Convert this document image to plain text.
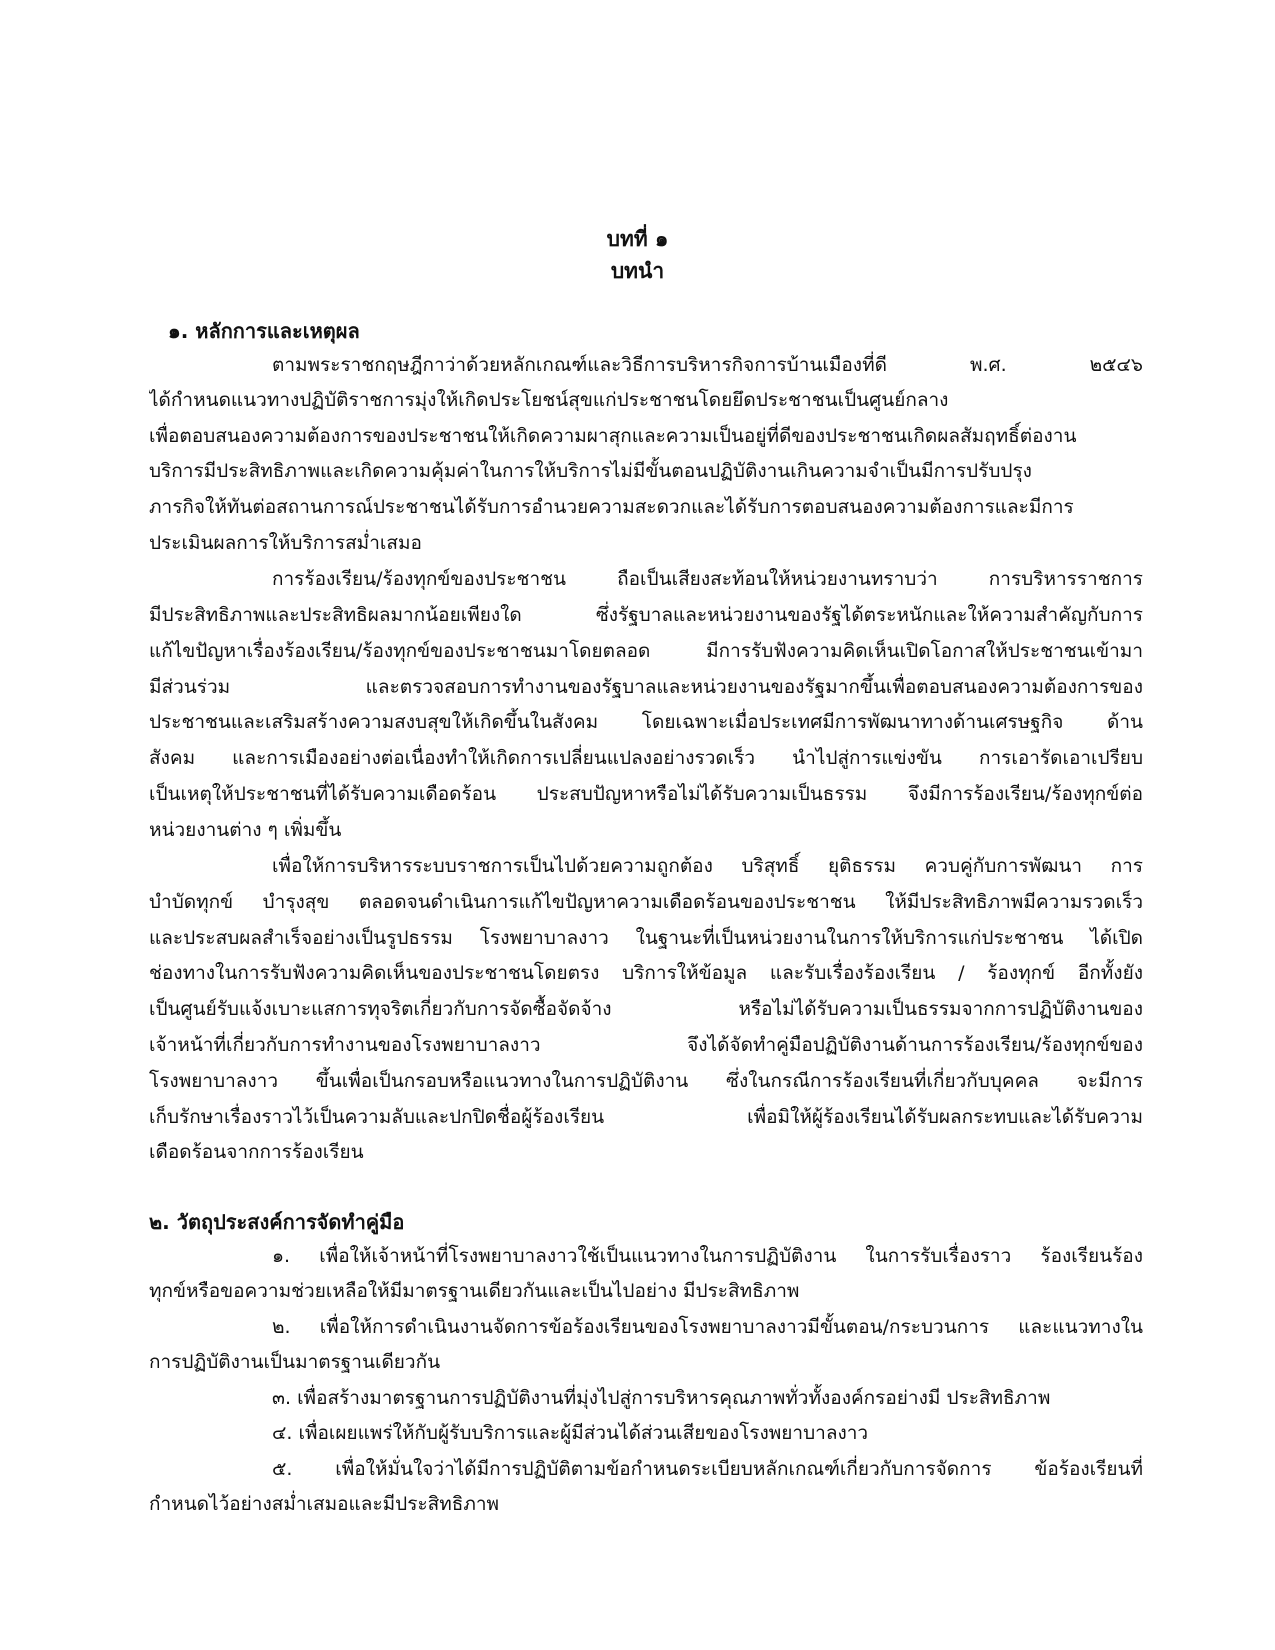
บทที่ ๑
บทนำ
๑. หลักการและเหตุผล
ตามพระราชกฤษฎีกาว่าด้วยหลักเกณฑ์และวิธีการบริหารกิจการบ้านเมืองที่ดี พ.ศ. ๒๕๔๖
ได้กำหนดแนวทางปฏิบัติราชการมุ่งให้เกิดประโยชน์สุขแก่ประชาชนโดยยึดประชาชนเป็นศูนย์กลาง
เพื่อตอบสนองความต้องการของประชาชนให้เกิดความผาสุกและความเป็นอยู่ที่ดีของประชาชนเกิดผลสัมฤทธิ์ต่องาน
บริการมีประสิทธิภาพและเกิดความคุ้มค่าในการให้บริการไม่มีขั้นตอนปฏิบัติงานเกินความจำเป็นมีการปรับปรุง
ภารกิจให้ทันต่อสถานการณ์ประชาชนได้รับการอำนวยความสะดวกและได้รับการตอบสนองความต้องการและมีการ
ประเมินผลการให้บริการสม่ำเสมอ
การร้องเรียน/ร้องทุกข์ของประชาชน ถือเป็นเสียงสะท้อนให้หน่วยงานทราบว่า การบริหารราชการ
มีประสิทธิภาพและประสิทธิผลมากน้อยเพียงใด ซึ่งรัฐบาลและหน่วยงานของรัฐได้ตระหนักและให้ความสำคัญกับการ
แก้ไขปัญหาเรื่องร้องเรียน/ร้องทุกข์ของประชาชนมาโดยตลอด มีการรับฟังความคิดเห็นเปิดโอกาสให้ประชาชนเข้ามา
มีส่วนร่วม และตรวจสอบการทำงานของรัฐบาลและหน่วยงานของรัฐมากขึ้นเพื่อตอบสนองความต้องการของ
ประชาชนและเสริมสร้างความสงบสุขให้เกิดขึ้นในสังคม โดยเฉพาะเมื่อประเทศมีการพัฒนาทางด้านเศรษฐกิจ ด้าน
สังคม และการเมืองอย่างต่อเนื่องทำให้เกิดการเปลี่ยนแปลงอย่างรวดเร็ว นำไปสู่การแข่งขัน การเอารัดเอาเปรียบ
เป็นเหตุให้ประชาชนที่ได้รับความเดือดร้อน ประสบปัญหาหรือไม่ได้รับความเป็นธรรม จึงมีการร้องเรียน/ร้องทุกข์ต่อ
หน่วยงานต่าง ๆ เพิ่มขึ้น
เพื่อให้การบริหารระบบราชการเป็นไปด้วยความถูกต้อง บริสุทธิ์ ยุติธรรม ควบคู่กับการพัฒนา การ
บำบัดทุกข์ บำรุงสุข ตลอดจนดำเนินการแก้ไขปัญหาความเดือดร้อนของประชาชน ให้มีประสิทธิภาพมีความรวดเร็ว
และประสบผลสำเร็จอย่างเป็นรูปธรรม โรงพยาบาลงาว ในฐานะที่เป็นหน่วยงานในการให้บริการแก่ประชาชน ได้เปิด
ช่องทางในการรับฟังความคิดเห็นของประชาชนโดยตรง บริการให้ข้อมูล และรับเรื่องร้องเรียน / ร้องทุกข์ อีกทั้งยัง
เป็นศูนย์รับแจ้งเบาะแสการทุจริตเกี่ยวกับการจัดซื้อจัดจ้าง หรือไม่ได้รับความเป็นธรรมจากการปฏิบัติงานของ
เจ้าหน้าที่เกี่ยวกับการทำงานของโรงพยาบาลงาว จึงได้จัดทำคู่มือปฏิบัติงานด้านการร้องเรียน/ร้องทุกข์ของ
โรงพยาบาลงาว ขึ้นเพื่อเป็นกรอบหรือแนวทางในการปฏิบัติงาน ซึ่งในกรณีการร้องเรียนที่เกี่ยวกับบุคคล จะมีการ
เก็บรักษาเรื่องราวไว้เป็นความลับและปกปิดชื่อผู้ร้องเรียน เพื่อมิให้ผู้ร้องเรียนได้รับผลกระทบและได้รับความ
เดือดร้อนจากการร้องเรียน
๒. วัตถุประสงค์การจัดทำคู่มือ
๑. เพื่อให้เจ้าหน้าที่โรงพยาบาลงาวใช้เป็นแนวทางในการปฏิบัติงาน ในการรับเรื่องราว ร้องเรียนร้อง
ทุกข์หรือขอความช่วยเหลือให้มีมาตรฐานเดียวกันและเป็นไปอย่าง มีประสิทธิภาพ
๒. เพื่อให้การดำเนินงานจัดการข้อร้องเรียนของโรงพยาบาลงาวมีขั้นตอน/กระบวนการ และแนวทางใน
การปฏิบัติงานเป็นมาตรฐานเดียวกัน
๓. เพื่อสร้างมาตรฐานการปฏิบัติงานที่มุ่งไปสู่การบริหารคุณภาพทั่วทั้งองค์กรอย่างมี ประสิทธิภาพ
๔. เพื่อเผยแพร่ให้กับผู้รับบริการและผู้มีส่วนได้ส่วนเสียของโรงพยาบาลงาว
๕. เพื่อให้มั่นใจว่าได้มีการปฏิบัติตามข้อกำหนดระเบียบหลักเกณฑ์เกี่ยวกับการจัดการ ข้อร้องเรียนที่
กำหนดไว้อย่างสม่ำเสมอและมีประสิทธิภาพ
